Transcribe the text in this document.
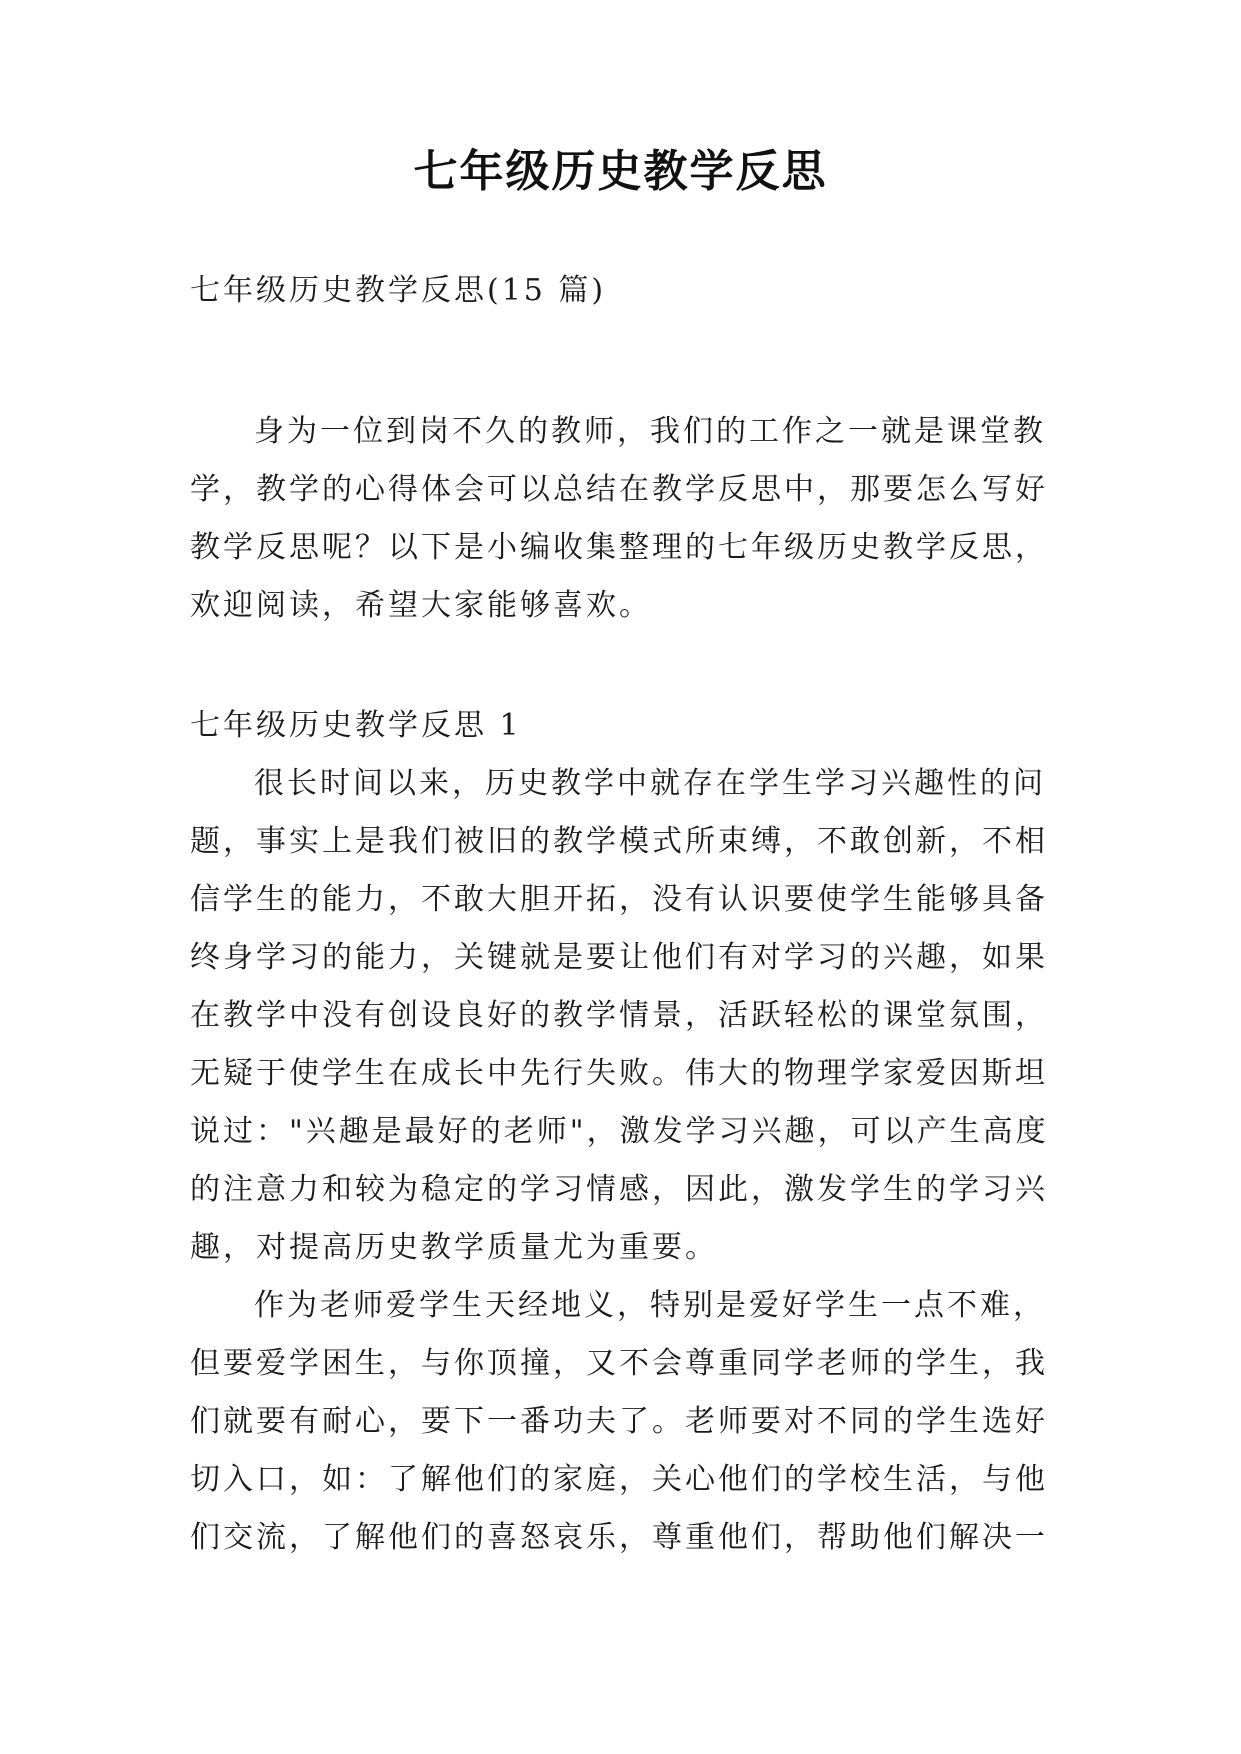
七年级历史教学反思
七年级历史教学反思(15 篇)

身为一位到岗不久的教师，我们的工作之一就是课堂教学，教学的心得体会可以总结在教学反思中，那要怎么写好教学反思呢？以下是小编收集整理的七年级历史教学反思，欢迎阅读，希望大家能够喜欢。

七年级历史教学反思 1

很长时间以来，历史教学中就存在学生学习兴趣性的问题，事实上是我们被旧的教学模式所束缚，不敢创新，不相信学生的能力，不敢大胆开拓，没有认识要使学生能够具备终身学习的能力，关键就是要让他们有对学习的兴趣，如果在教学中没有创设良好的教学情景，活跃轻松的课堂氛围，无疑于使学生在成长中先行失败。伟大的物理学家爱因斯坦说过："兴趣是最好的老师"，激发学习兴趣，可以产生高度的注意力和较为稳定的学习情感，因此，激发学生的学习兴趣，对提高历史教学质量尤为重要。

作为老师爱学生天经地义，特别是爱好学生一点不难，但要爱学困生，与你顶撞，又不会尊重同学老师的学生，我们就要有耐心，要下一番功夫了。老师要对不同的学生选好切入口，如：了解他们的家庭，关心他们的学校生活，与他们交流，了解他们的喜怒哀乐，尊重他们，帮助他们解决一
